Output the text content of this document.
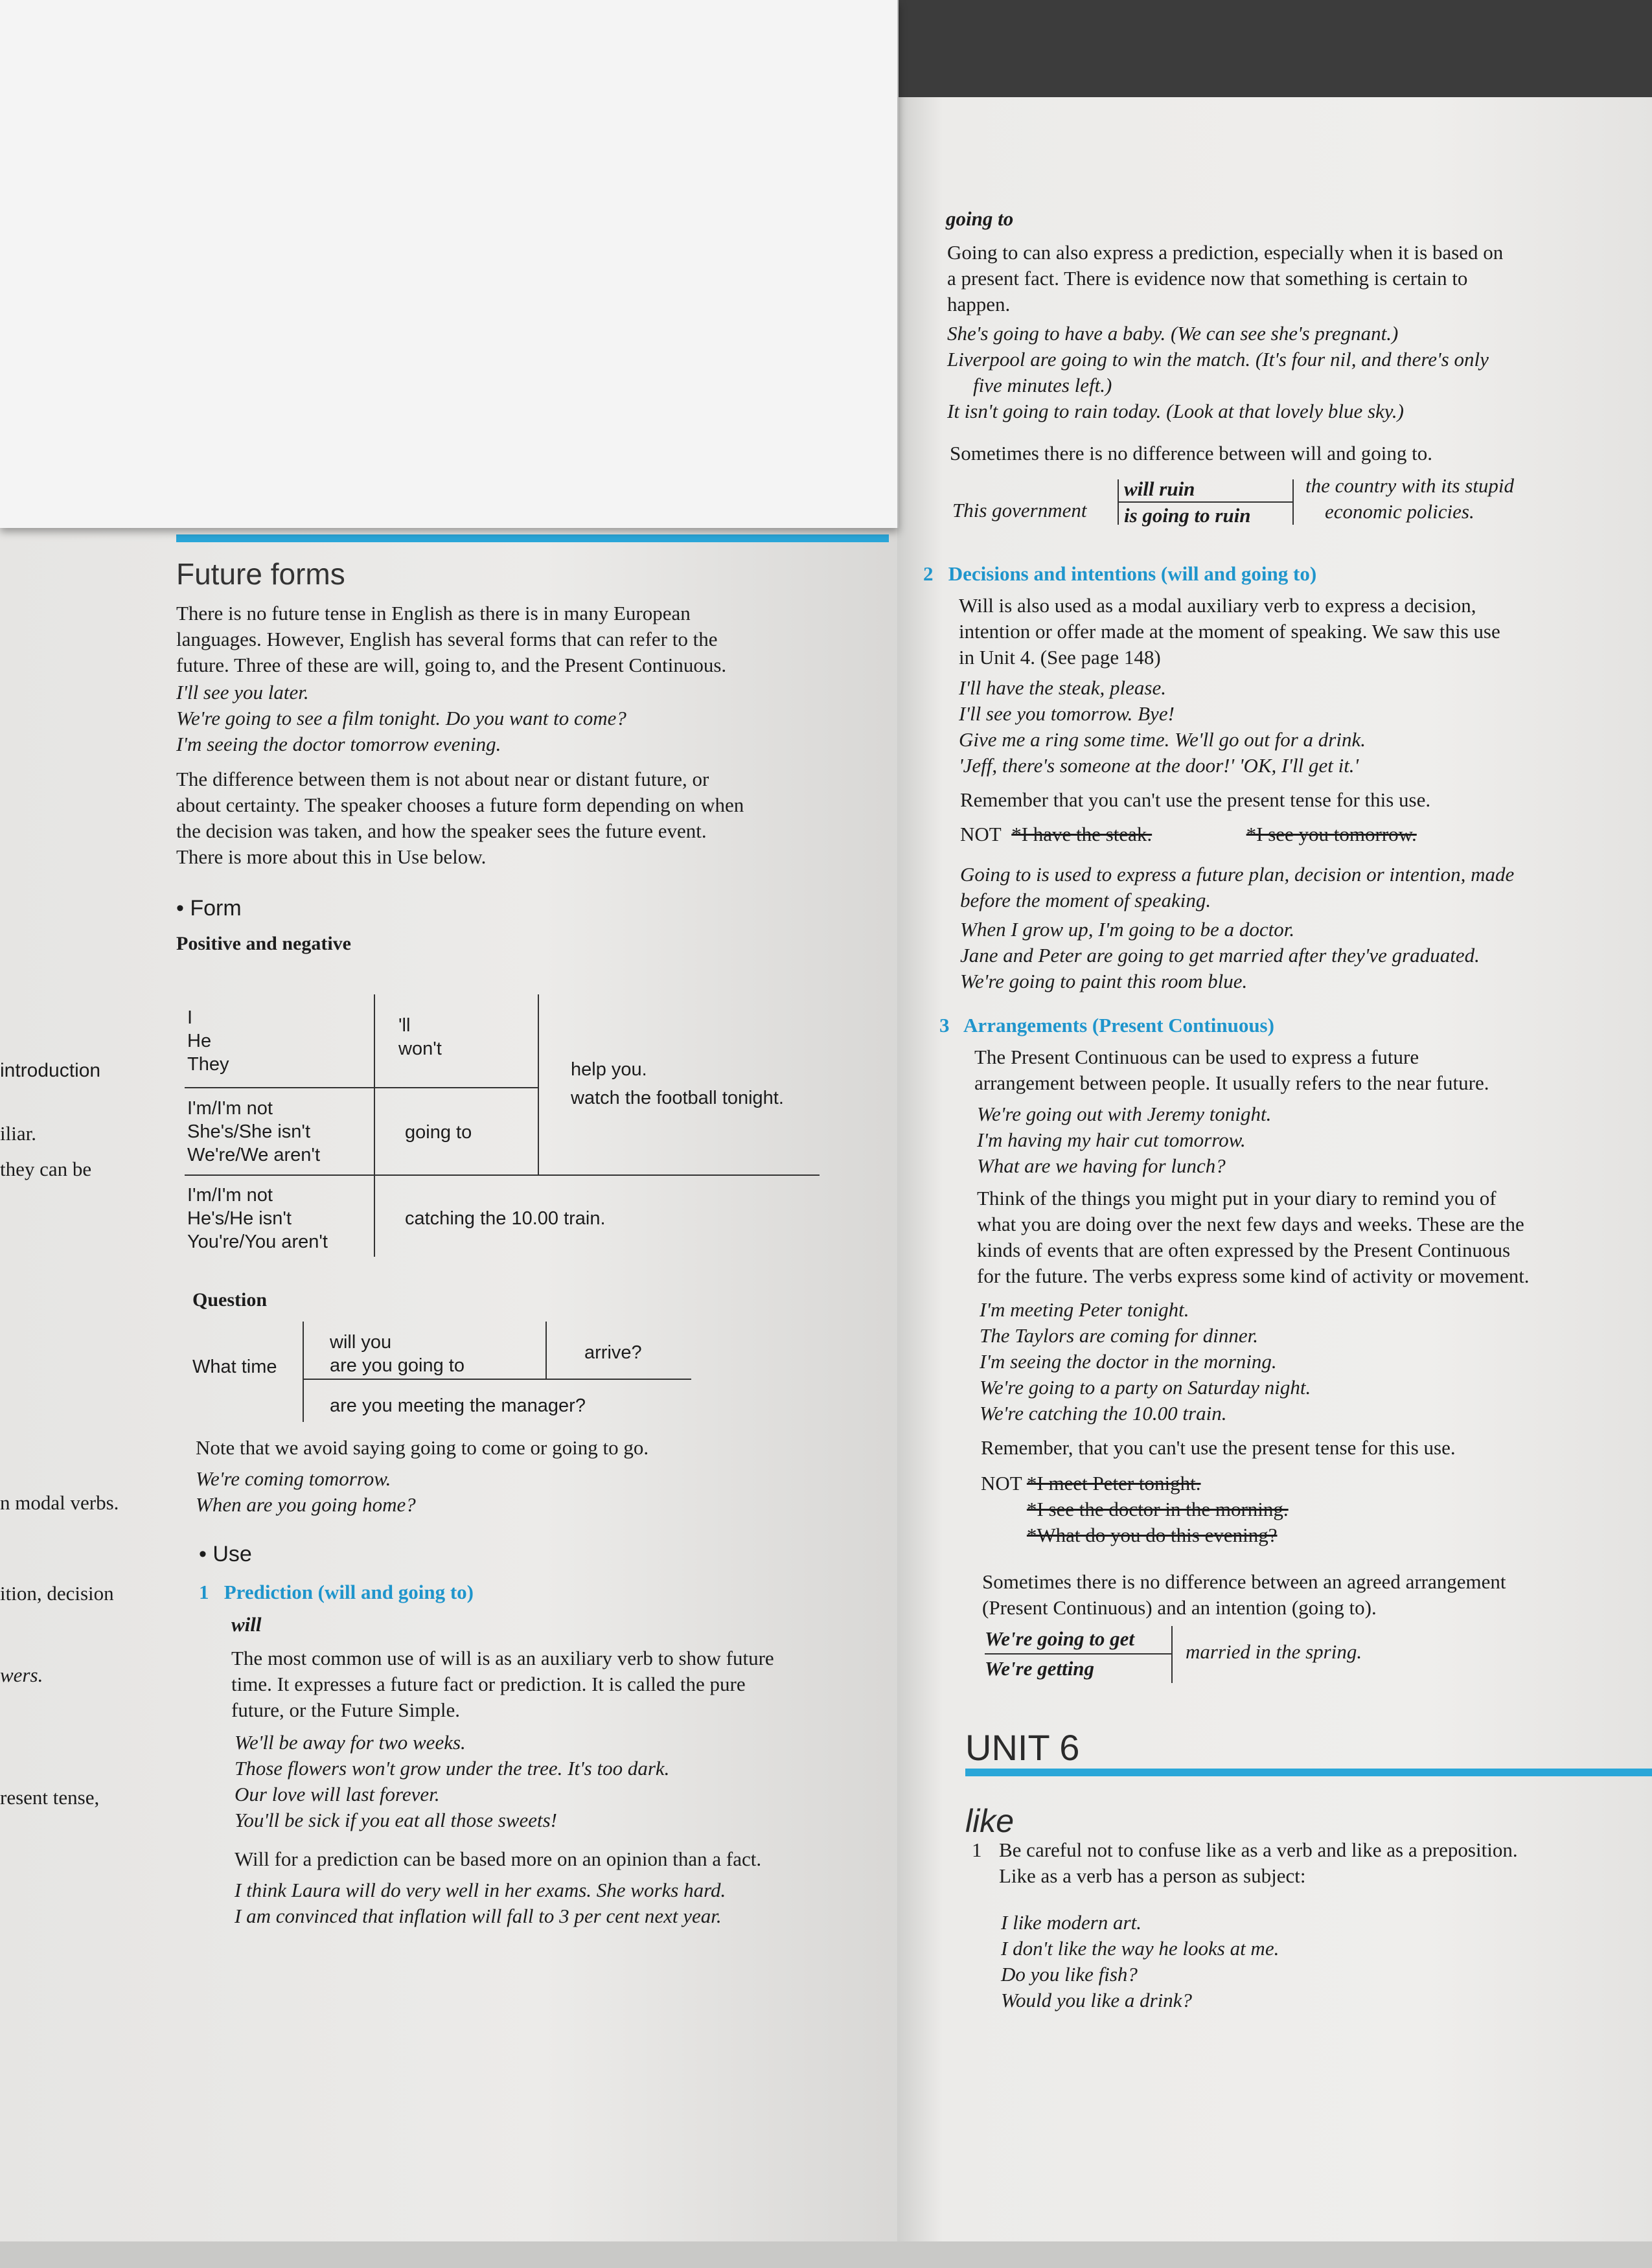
introduction
iliar.
they can be
n modal verbs.
ition, decision
wers.
resent tense,
Future forms
There is no future tense in English as there is in many European
languages. However, English has several forms that can refer to the
future. Three of these are will, going to, and the Present Continuous.
I'll see you later.
We're going to see a film tonight. Do you want to come?
I'm seeing the doctor tomorrow evening.
The difference between them is not about near or distant future, or
about certainty. The speaker chooses a future form depending on when
the decision was taken, and how the speaker sees the future event.
There is more about this in Use below.
• Form
Positive and negative
I
He
They
'll
won't
help you.
watch the football tonight.
I'm/I'm not
She's/She isn't
We're/We aren't
going to
I'm/I'm not
He's/He isn't
You're/You aren't
catching the 10.00 train.
Question
What time
will you
are you going to
arrive?
are you meeting the manager?
Note that we avoid saying going to come or going to go.
We're coming tomorrow.
When are you going home?
• Use
1 Prediction (will and going to)
will
The most common use of will is as an auxiliary verb to show future
time. It expresses a future fact or prediction. It is called the pure
future, or the Future Simple.
We'll be away for two weeks.
Those flowers won't grow under the tree. It's too dark.
Our love will last forever.
You'll be sick if you eat all those sweets!
Will for a prediction can be based more on an opinion than a fact.
I think Laura will do very well in her exams. She works hard.
I am convinced that inflation will fall to 3 per cent next year.
going to
Going to can also express a prediction, especially when it is based on
a present fact. There is evidence now that something is certain to
happen.
She's going to have a baby. (We can see she's pregnant.)
Liverpool are going to win the match. (It's four nil, and there's only
five minutes left.)
It isn't going to rain today. (Look at that lovely blue sky.)
Sometimes there is no difference between will and going to.
This government
will ruin
is going to ruin
the country with its stupid
economic policies.
2 Decisions and intentions (will and going to)
Will is also used as a modal auxiliary verb to express a decision,
intention or offer made at the moment of speaking. We saw this use
in Unit 4. (See page 148)
I'll have the steak, please.
I'll see you tomorrow. Bye!
Give me a ring some time. We'll go out for a drink.
'Jeff, there's someone at the door!' 'OK, I'll get it.'
Remember that you can't use the present tense for this use.
NOT *I have the steak.	*I see you tomorrow.
Going to is used to express a future plan, decision or intention, made
before the moment of speaking.
When I grow up, I'm going to be a doctor.
Jane and Peter are going to get married after they've graduated.
We're going to paint this room blue.
3 Arrangements (Present Continuous)
The Present Continuous can be used to express a future
arrangement between people. It usually refers to the near future.
We're going out with Jeremy tonight.
I'm having my hair cut tomorrow.
What are we having for lunch?
Think of the things you might put in your diary to remind you of
what you are doing over the next few days and weeks. These are the
kinds of events that are often expressed by the Present Continuous
for the future. The verbs express some kind of activity or movement.
I'm meeting Peter tonight.
The Taylors are coming for dinner.
I'm seeing the doctor in the morning.
We're going to a party on Saturday night.
We're catching the 10.00 train.
Remember, that you can't use the present tense for this use.
NOT *I meet Peter tonight.
*I see the doctor in the morning.
*What do you do this evening?
Sometimes there is no difference between an agreed arrangement
(Present Continuous) and an intention (going to).
We're going to get
We're getting
married in the spring.
UNIT 6
like
1 Be careful not to confuse like as a verb and like as a preposition.
Like as a verb has a person as subject:
I like modern art.
I don't like the way he looks at me.
Do you like fish?
Would you like a drink?
